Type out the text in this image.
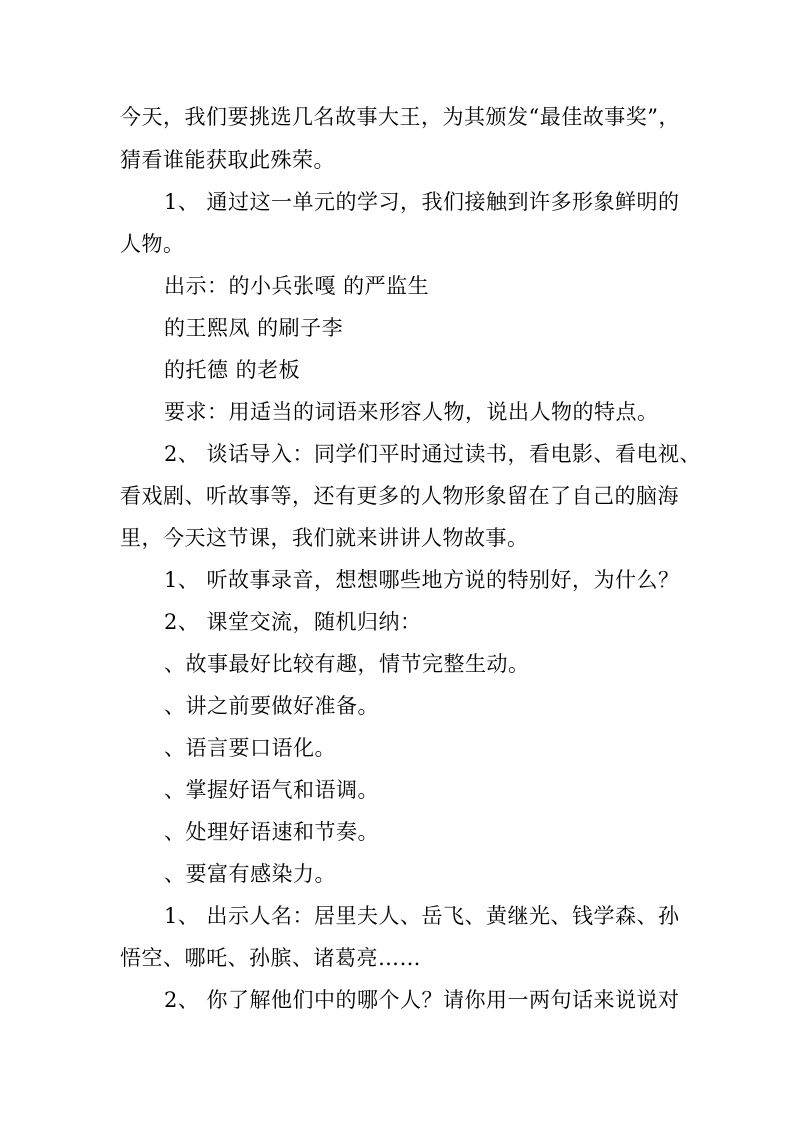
今天，我们要挑选几名故事大王，为其颁发“最佳故事奖”，
猜看谁能获取此殊荣。
1、 通过这一单元的学习，我们接触到许多形象鲜明的
人物。
出示：的小兵张嘎 的严监生
的王熙凤 的刷子李
的托德 的老板
要求：用适当的词语来形容人物，说出人物的特点。
2、 谈话导入：同学们平时通过读书，看电影、看电视、
看戏剧、听故事等，还有更多的人物形象留在了自己的脑海
里，今天这节课，我们就来讲讲人物故事。
1、 听故事录音，想想哪些地方说的特别好，为什么？
2、 课堂交流，随机归纳：
、故事最好比较有趣，情节完整生动。
、讲之前要做好准备。
、语言要口语化。
、掌握好语气和语调。
、处理好语速和节奏。
、要富有感染力。
1、 出示人名：居里夫人、岳飞、黄继光、钱学森、孙
悟空、哪吒、孙膑、诸葛亮……
2、 你了解他们中的哪个人？请你用一两句话来说说对
